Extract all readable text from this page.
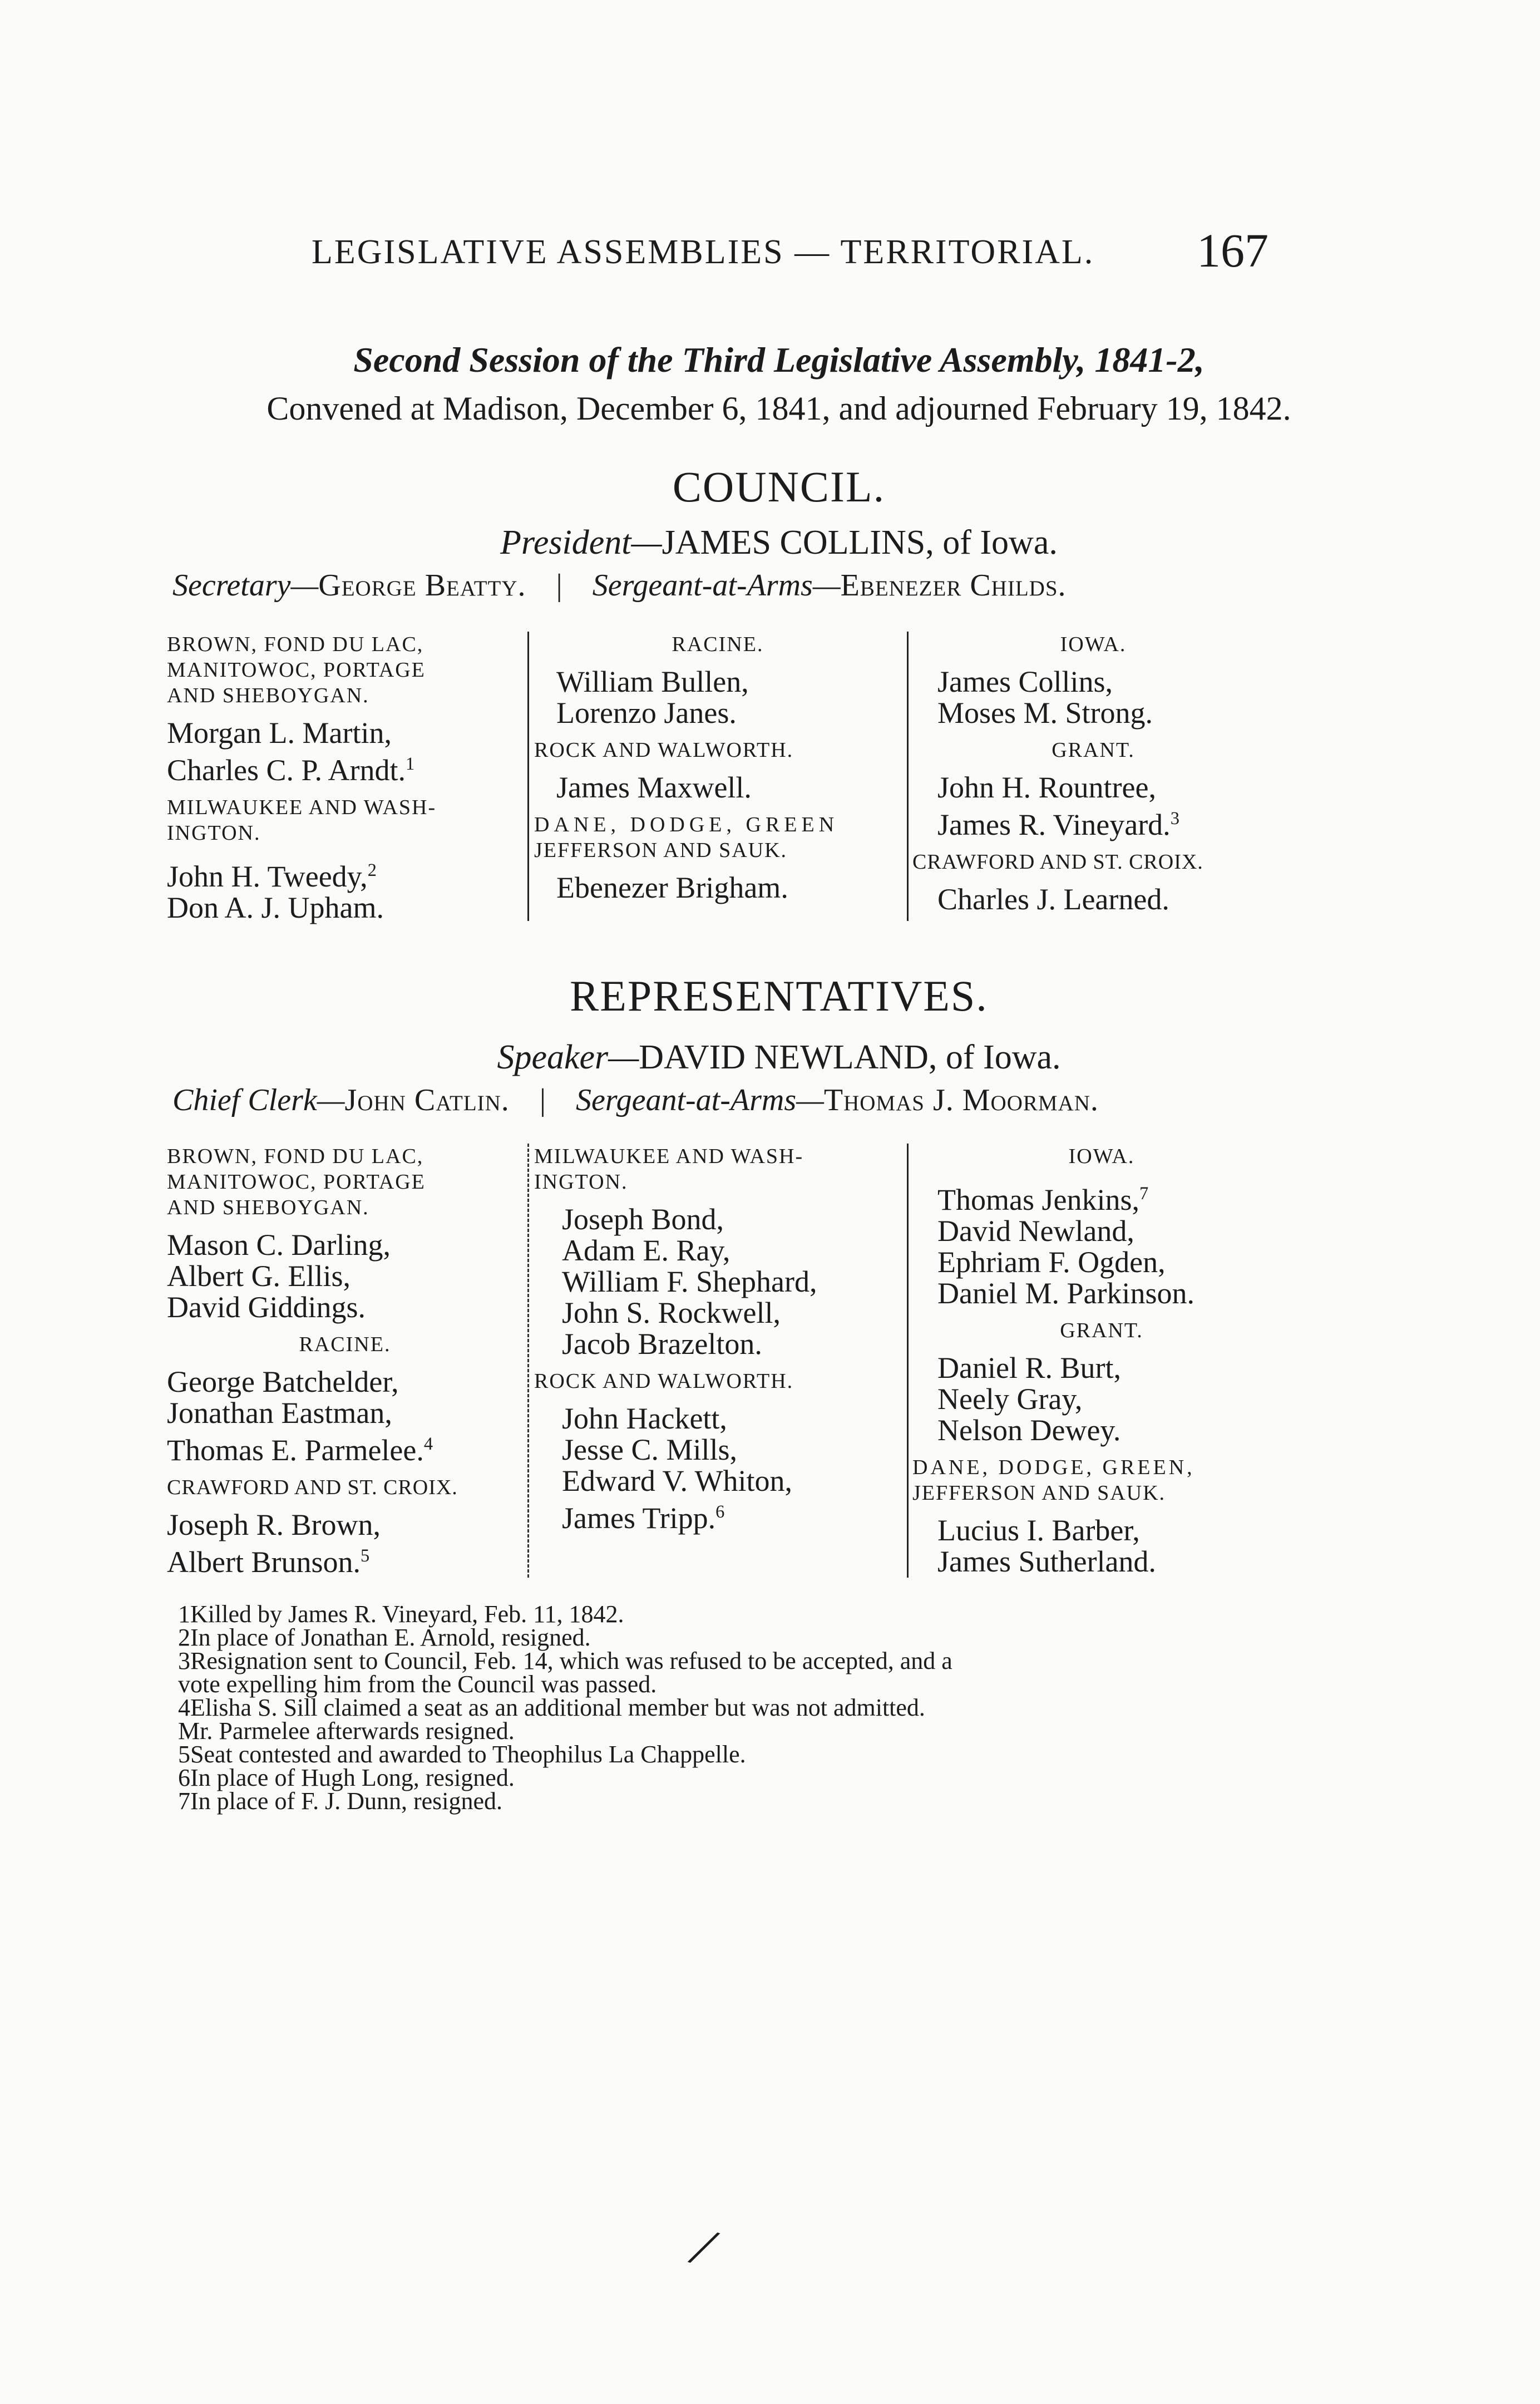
LEGISLATIVE ASSEMBLIES — TERRITORIAL. 167
Second Session of the Third Legislative Assembly, 1841-2,
Convened at Madison, December 6, 1841, and adjourned February 19, 1842.
COUNCIL.
President—JAMES COLLINS, of Iowa.
Secretary—George Beatty. | Sergeant-at-Arms—Ebenezer Childs.
BROWN, FOND DU LAC,
MANITOWOC, PORTAGE
AND SHEBOYGAN.
Morgan L. Martin,
Charles C. P. Arndt.$^1$
MILWAUKEE AND WASH-
INGTON.
John H. Tweedy,$^2$
Don A. J. Upham.
RACINE.
William Bullen,
Lorenzo Janes.
ROCK AND WALWORTH.
James Maxwell.
DANE, DODGE, GREEN
JEFFERSON AND SAUK.
Ebenezer Brigham.
IOWA.
James Collins,
Moses M. Strong.
GRANT.
John H. Rountree,
James R. Vineyard.$^3$
CRAWFORD AND ST. CROIX.
Charles J. Learned.
REPRESENTATIVES.
Speaker—DAVID NEWLAND, of Iowa.
Chief Clerk—John Catlin. | Sergeant-at-Arms—Thomas J. Moorman.
BROWN, FOND DU LAC,
MANITOWOC, PORTAGE
AND SHEBOYGAN.
Mason C. Darling,
Albert G. Ellis,
David Giddings.
RACINE.
George Batchelder,
Jonathan Eastman,
Thomas E. Parmelee.$^4$
CRAWFORD AND ST. CROIX.
Joseph R. Brown,
Albert Brunson.$^5$
MILWAUKEE AND WASH-
INGTON.
Joseph Bond,
Adam E. Ray,
William F. Shephard,
John S. Rockwell,
Jacob Brazelton.
ROCK AND WALWORTH.
John Hackett,
Jesse C. Mills,
Edward V. Whiton,
James Tripp.$^6$
IOWA.
Thomas Jenkins,$^7$
David Newland,
Ephriam F. Ogden,
Daniel M. Parkinson.
GRANT.
Daniel R. Burt,
Neely Gray,
Nelson Dewey.
DANE, DODGE, GREEN,
JEFFERSON AND SAUK.
Lucius I. Barber,
James Sutherland.
1Killed by James R. Vineyard, Feb. 11, 1842.
2In place of Jonathan E. Arnold, resigned.
3Resignation sent to Council, Feb. 14, which was refused to be accepted, and a
vote expelling him from the Council was passed.
4Elisha S. Sill claimed a seat as an additional member but was not admitted.
Mr. Parmelee afterwards resigned.
5Seat contested and awarded to Theophilus La Chappelle.
6In place of Hugh Long, resigned.
7In place of F. J. Dunn, resigned.
/
